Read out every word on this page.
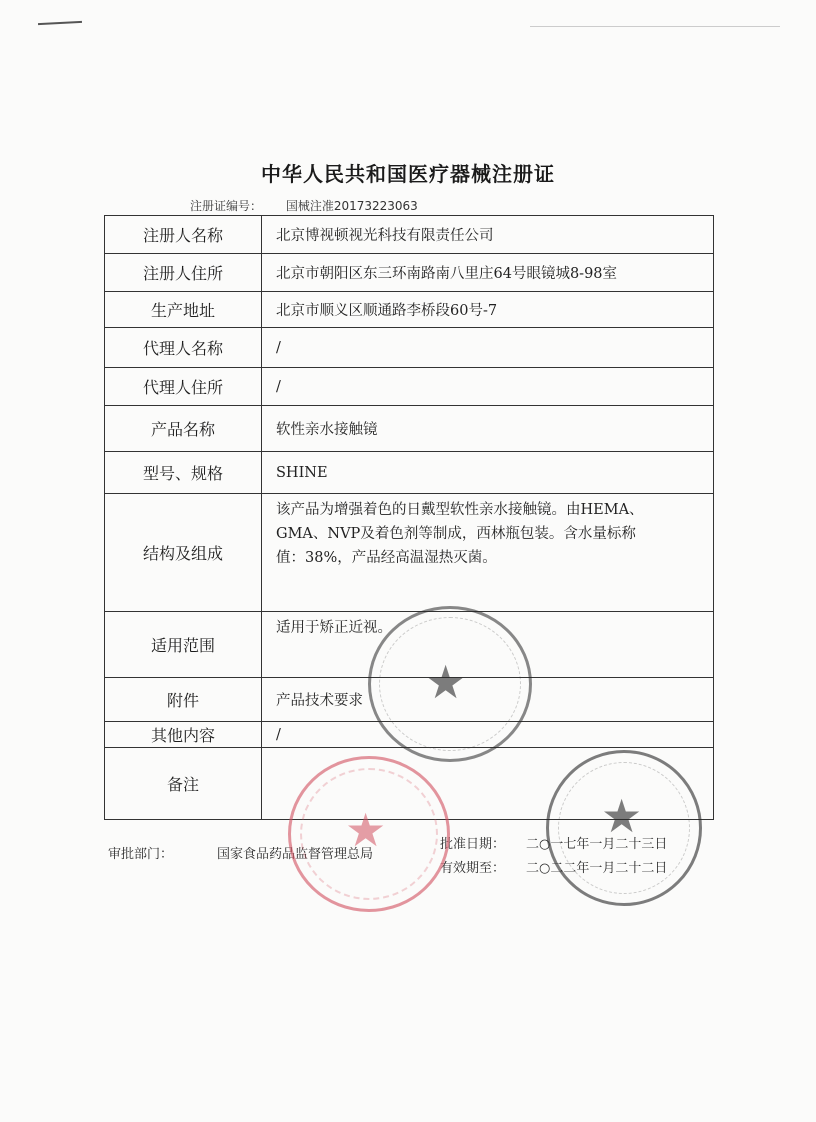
中华人民共和国医疗器械注册证
注册证编号： 国械注准20173223063
注册人名称	北京博视顿视光科技有限责任公司
注册人住所	北京市朝阳区东三环南路南八里庄64号眼镜城8-98室
生产地址	北京市顺义区顺通路李桥段60号-7
代理人名称	/
代理人住所	/
产品名称	软性亲水接触镜
型号、规格	SHINE
结构及组成	该产品为增强着色的日戴型软性亲水接触镜。由HEMA、
GMA、NVP及着色剂等制成，西林瓶包装。含水量标称
值：38%，产品经高温湿热灭菌。

适用范围	适用于矫正近视。
附件	产品技术要求
其他内容	/
备注	
审批部门：	国家食品药品监督管理总局
批准日期： 二○一七年一月二十三日
有效期至： 二○二二年一月二十二日
★
★	★
